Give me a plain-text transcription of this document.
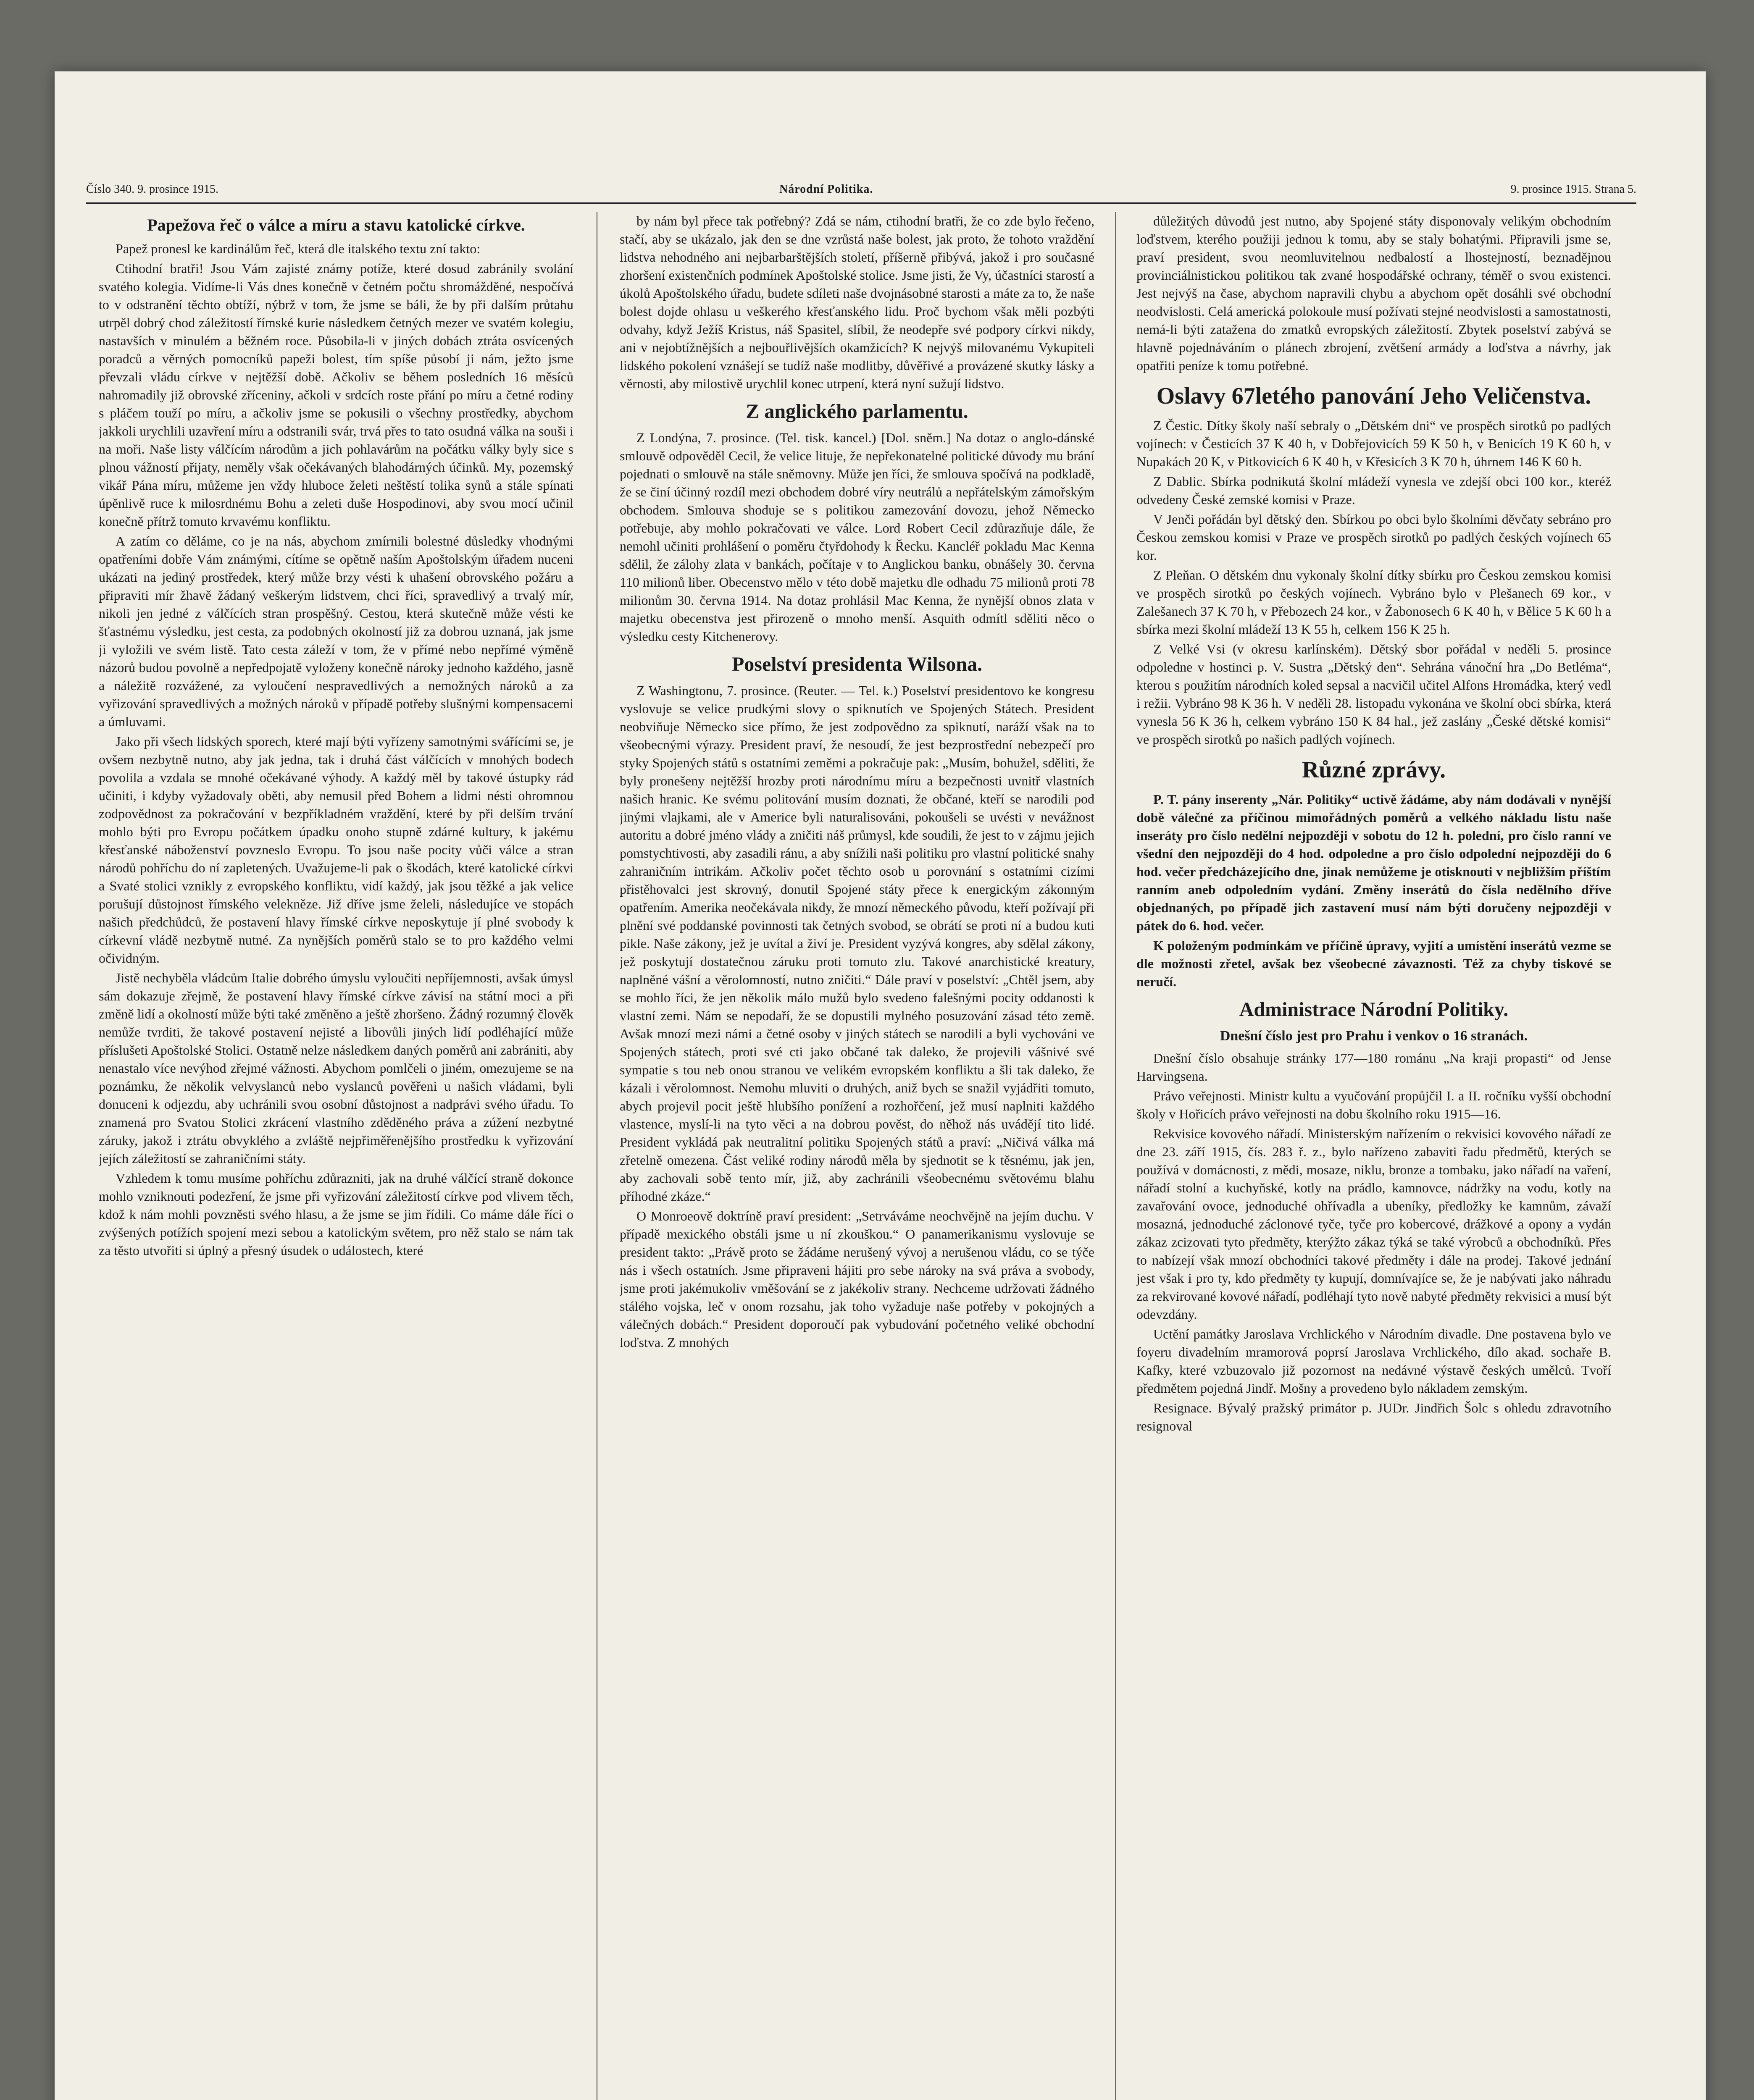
Číslo 340. 9. prosince 1915.	Národní Politika.	9. prosince 1915. Strana 5.
Papežova řeč o válce a míru a stavu katolické církve.

Papež pronesl ke kardinálům řeč, která dle italského textu zní takto:

Ctihodní bratři! Jsou Vám zajisté známy potíže, které dosud zabránily svolání svatého kolegia. Vidíme-li Vás dnes konečně v četném počtu shromážděné, nespočívá to v odstranění těchto obtíží, nýbrž v tom, že jsme se báli, že by při dalším průtahu utrpěl dobrý chod záležitostí římské kurie následkem četných mezer ve svatém kolegiu, nastavších v minulém a běžném roce. Působila-li v jiných dobách ztráta osvícených poradců a věrných pomocníků papeži bolest, tím spíše působí ji nám, ježto jsme převzali vládu církve v nejtěžší době. Ačkoliv se během posledních 16 měsíců nahromadily již obrovské zříceniny, ačkoli v srdcích roste přání po míru a četné rodiny s pláčem touží po míru, a ačkoliv jsme se pokusili o všechny prostředky, abychom jakkoli urychlili uzavření míru a odstranili svár, trvá přes to tato osudná válka na souši i na moři. Naše listy válčícím národům a jich pohlavárům na počátku války byly sice s plnou vážností přijaty, neměly však očekávaných blahodárných účinků. My, pozemský vikář Pána míru, můžeme jen vždy hluboce želeti neštěstí tolika synů a stále spínati úpěnlivě ruce k milosrdnému Bohu a zeleti duše Hospodinovi, aby svou mocí učinil konečně přítrž tomuto krvavému konfliktu.

A zatím co děláme, co je na nás, abychom zmírnili bolestné důsledky vhodnými opatřeními dobře Vám známými, cítíme se opětně naším Apoštolským úřadem nuceni ukázati na jediný prostředek, který může brzy vésti k uhašení obrovského požáru a připraviti mír žhavě žádaný veškerým lidstvem, chci říci, spravedlivý a trvalý mír, nikoli jen jedné z válčících stran prospěšný. Cestou, která skutečně může vésti ke šťastnému výsledku, jest cesta, za podobných okolností již za dobrou uznaná, jak jsme ji vyložili ve svém listě. Tato cesta záleží v tom, že v přímé nebo nepřímé výměně názorů budou povolně a nepředpojatě vyloženy konečně nároky jednoho každého, jasně a náležitě rozvážené, za vyloučení nespravedlivých a nemožných nároků a za vyřizování spravedlivých a možných nároků v případě potřeby slušnými kompensacemi a úmluvami.

Jako při všech lidských sporech, které mají býti vyřízeny samotnými svářícími se, je ovšem nezbytně nutno, aby jak jedna, tak i druhá část válčících v mnohých bodech povolila a vzdala se mnohé očekávané výhody. A každý měl by takové ústupky rád učiniti, i kdyby vyžadovaly oběti, aby nemusil před Bohem a lidmi nésti ohromnou zodpovědnost za pokračování v bezpříkladném vraždění, které by při delším trvání mohlo býti pro Evropu počátkem úpadku onoho stupně zdárné kultury, k jakému křesťanské náboženství povzneslo Evropu. To jsou naše pocity vůči válce a stran národů pohříchu do ní zapletených. Uvažujeme-li pak o škodách, které katolické církvi a Svaté stolici vznikly z evropského konfliktu, vidí každý, jak jsou těžké a jak velice porušují důstojnost římského velekněze. Již dříve jsme želeli, následujíce ve stopách našich předchůdců, že postavení hlavy římské církve neposkytuje jí plné svobody k církevní vládě nezbytně nutné. Za nynějších poměrů stalo se to pro každého velmi očividným.

Jistě nechyběla vládcům Italie dobrého úmyslu vyloučiti nepříjemnosti, avšak úmysl sám dokazuje zřejmě, že postavení hlavy římské církve závisí na státní moci a při změně lidí a okolností může býti také změněno a ještě zhoršeno. Žádný rozumný člověk nemůže tvrditi, že takové postavení nejisté a libovůli jiných lidí podléhající může příslušeti Apoštolské Stolici. Ostatně nelze následkem daných poměrů ani zabrániti, aby nenastalo více nevýhod zřejmé vážnosti. Abychom pomlčeli o jiném, omezujeme se na poznámku, že několik velvyslanců nebo vyslanců pověřeni u našich vládami, byli donuceni k odjezdu, aby uchránili svou osobní důstojnost a nadprávi svého úřadu. To znamená pro Svatou Stolici zkrácení vlastního zděděného práva a zúžení nezbytné záruky, jakož i ztrátu obvyklého a zvláště nejpřiměřenějšího prostředku k vyřizování jejích záležitostí se zahraničními státy.

Vzhledem k tomu musíme pohříchu zdůrazniti, jak na druhé válčící straně dokonce mohlo vzniknouti podezření, že jsme při vyřizování záležitostí církve pod vlivem těch, kdož k nám mohli povzněsti svého hlasu, a že jsme se jim řídili. Co máme dále říci o zvýšených potížích spojení mezi sebou a katolickým světem, pro něž stalo se nám tak za těsto utvořiti si úplný a přesný úsudek o událostech, které

by nám byl přece tak potřebný? Zdá se nám, ctihodní bratři, že co zde bylo řečeno, stačí, aby se ukázalo, jak den se dne vzrůstá naše bolest, jak proto, že tohoto vraždění lidstva nehodného ani nejbarbarštějších století, příšerně přibývá, jakož i pro současné zhoršení existenčních podmínek Apoštolské stolice. Jsme jisti, že Vy, účastníci starostí a úkolů Apoštolského úřadu, budete sdíleti naše dvojnásobné starosti a máte za to, že naše bolest dojde ohlasu u veškerého křesťanského lidu. Proč bychom však měli pozbýti odvahy, když Ježíš Kristus, náš Spasitel, slíbil, že neodepře své podpory církvi nikdy, ani v nejobtížnějších a nejbouřlivějších okamžicích? K nejvýš milovanému Vykupiteli lidského pokolení vznášejí se tudíž naše modlitby, důvěřivé a provázené skutky lásky a věrnosti, aby milostivě urychlil konec utrpení, která nyní sužují lidstvo.

Z anglického parlamentu.

Z Londýna, 7. prosince. (Tel. tisk. kancel.) [Dol. sněm.] Na dotaz o anglo-dánské smlouvě odpověděl Cecil, že velice lituje, že nepřekonatelné politické důvody mu brání pojednati o smlouvě na stále sněmovny. Může jen říci, že smlouva spočívá na podkladě, že se činí účinný rozdíl mezi obchodem dobré víry neutrálů a nepřátelským zámořským obchodem. Smlouva shoduje se s politikou zamezování dovozu, jehož Německo potřebuje, aby mohlo pokračovati ve válce. Lord Robert Cecil zdůrazňuje dále, že nemohl učiniti prohlášení o poměru čtyřdohody k Řecku. Kancléř pokladu Mac Kenna sdělil, že zálohy zlata v bankách, počítaje v to Anglickou banku, obnášely 30. června 110 milionů liber. Obecenstvo mělo v této době majetku dle odhadu 75 milionů proti 78 milionům 30. června 1914. Na dotaz prohlásil Mac Kenna, že nynější obnos zlata v majetku obecenstva jest přirozeně o mnoho menší. Asquith odmítl sděliti něco o výsledku cesty Kitchenerovy.

Poselství presidenta Wilsona.

Z Washingtonu, 7. prosince. (Reuter. — Tel. k.) Poselství presidentovo ke kongresu vyslovuje se velice prudkými slovy o spiknutích ve Spojených Státech. President neobviňuje Německo sice přímo, že jest zodpovědno za spiknutí, naráží však na to všeobecnými výrazy. President praví, že nesoudí, že jest bezprostřední nebezpečí pro styky Spojených států s ostatními zeměmi a pokračuje pak: „Musím, bohužel, sděliti, že byly pronešeny nejtěžší hrozby proti národnímu míru a bezpečnosti uvnitř vlastních našich hranic. Ke svému politování musím doznati, že občané, kteří se narodili pod jinými vlajkami, ale v Americe byli naturalisováni, pokoušeli se uvésti v nevážnost autoritu a dobré jméno vlády a zničiti náš průmysl, kde soudili, že jest to v zájmu jejich pomstychtivosti, aby zasadili ránu, a aby snížili naši politiku pro vlastní politické snahy zahraničním intrikám. Ačkoliv počet těchto osob u porovnání s ostatními cizími přistěhovalci jest skrovný, donutil Spojené státy přece k energickým zákonným opatřením. Amerika neočekávala nikdy, že mnozí německého původu, kteří požívají při plnění své poddanské povinnosti tak četných svobod, se obrátí se proti ní a budou kuti pikle. Naše zákony, jež je uvítal a živí je. President vyzývá kongres, aby sdělal zákony, jež poskytují dostatečnou záruku proti tomuto zlu. Takové anarchistické kreatury, naplněné vášní a věrolomností, nutno zničiti.“ Dále praví v poselství: „Chtěl jsem, aby se mohlo říci, že jen několik málo mužů bylo svedeno falešnými pocity oddanosti k vlastní zemi. Nám se nepodaří, že se dopustili mylného posuzování zásad této země. Avšak mnozí mezi námi a četné osoby v jiných státech se narodili a byli vychováni ve Spojených státech, proti své cti jako občané tak daleko, že projevili vášnivé své sympatie s tou neb onou stranou ve velikém evropském konfliktu a šli tak daleko, že kázali i věrolomnost. Nemohu mluviti o druhých, aniž bych se snažil vyjádřiti tomuto, abych projevil pocit ještě hlubšího ponížení a rozhořčení, jež musí naplniti každého vlastence, myslí-li na tyto věci a na dobrou pověst, do něhož nás uvádějí tito lidé. President vykládá pak neutralitní politiku Spojených států a praví: „Ničivá válka má zřetelně omezena. Část veliké rodiny národů měla by sjednotit se k těsnému, jak jen, aby zachovali sobě tento mír, již, aby zachránili všeobecnému světovému blahu příhodné zkáze.“

O Monroeově doktríně praví president: „Setrváváme neochvějně na jejím duchu. V případě mexického obstáli jsme u ní zkouškou.“ O panamerikanismu vyslovuje se president takto: „Právě proto se žádáme nerušený vývoj a nerušenou vládu, co se týče nás i všech ostatních. Jsme připraveni hájiti pro sebe nároky na svá práva a svobody, jsme proti jakémukoliv vměšování se z jakékoliv strany. Nechceme udržovati žádného stálého vojska, leč v onom rozsahu, jak toho vyžaduje naše potřeby v pokojných a válečných dobách.“ President doporoučí pak vybudování početného veliké obchodní loďstva. Z mnohých

důležitých důvodů jest nutno, aby Spojené státy disponovaly velikým obchodním loďstvem, kterého použiji jednou k tomu, aby se staly bohatými. Připravili jsme se, praví president, svou neomluvitelnou nedbalostí a lhostejností, beznadějnou provinciálnistickou politikou tak zvané hospodářské ochrany, téměř o svou existenci. Jest nejvýš na čase, abychom napravili chybu a abychom opět dosáhli své obchodní neodvislosti. Celá americká polokoule musí požívati stejné neodvislosti a samostatnosti, nemá-li býti zatažena do zmatků evropských záležitostí. Zbytek poselství zabývá se hlavně pojednáváním o plánech zbrojení, zvětšení armády a loďstva a návrhy, jak opatřiti peníze k tomu potřebné.

Oslavy 67letého panování Jeho Veličenstva.

Z Čestic. Dítky školy naší sebraly o „Dětském dni“ ve prospěch sirotků po padlých vojínech: v Česticích 37 K 40 h, v Dobřejovicích 59 K 50 h, v Benicích 19 K 60 h, v Nupakách 20 K, v Pitkovicích 6 K 40 h, v Křesicích 3 K 70 h, úhrnem 146 K 60 h.

Z Dablic. Sbírka podnikutá školní mládeží vynesla ve zdejší obci 100 kor., kteréž odvedeny České zemské komisi v Praze.

V Jenči pořádán byl dětský den. Sbírkou po obci bylo školními děvčaty sebráno pro Českou zemskou komisi v Praze ve prospěch sirotků po padlých českých vojínech 65 kor.

Z Pleňan. O dětském dnu vykonaly školní dítky sbírku pro Českou zemskou komisi ve prospěch sirotků po českých vojínech. Vybráno bylo v Plešanech 69 kor., v Zalešanech 37 K 70 h, v Přebozech 24 kor., v Žabonosech 6 K 40 h, v Bělice 5 K 60 h a sbírka mezi školní mládeží 13 K 55 h, celkem 156 K 25 h.

Z Velké Vsi (v okresu karlínském). Dětský sbor pořádal v neděli 5. prosince odpoledne v hostinci p. V. Sustra „Dětský den“. Sehrána vánoční hra „Do Betléma“, kterou s použitím národních koled sepsal a nacvičil učitel Alfons Hromádka, který vedl i režii. Vybráno 98 K 36 h. V neděli 28. listopadu vykonána ve školní obci sbírka, která vynesla 56 K 36 h, celkem vybráno 150 K 84 hal., jež zaslány „České dětské komisi“ ve prospěch sirotků po našich padlých vojínech.

Různé zprávy.

P. T. pány inserenty „Nár. Politiky“ uctivě žádáme, aby nám dodávali v nynější době válečné za příčinou mimořádných poměrů a velkého nákladu listu naše inseráty pro číslo nedělní nejpozději v sobotu do 12 h. polední, pro číslo ranní ve všední den nejpozději do 4 hod. odpoledne a pro číslo odpolední nejpozději do 6 hod. večer předcházejícího dne, jinak nemůžeme je otisknouti v nejbližším příštím ranním aneb odpoledním vydání. Změny inserátů do čísla nedělního dříve objednaných, po případě jich zastavení musí nám býti doručeny nejpozději v pátek do 6. hod. večer.

K položeným podmínkám ve příčině úpravy, vyjití a umístění inserátů vezme se dle možnosti zřetel, avšak bez všeobecné závaznosti. Též za chyby tiskové se neručí.

Administrace Národní Politiky.
Dnešní číslo jest pro Prahu i venkov o 16 stranách.

Dnešní číslo obsahuje stránky 177—180 románu „Na kraji propasti“ od Jense Harvingsena.

Právo veřejnosti. Ministr kultu a vyučování propůjčil I. a II. ročníku vyšší obchodní školy v Hořicích právo veřejnosti na dobu školního roku 1915—16.

Rekvisice kovového nářadí. Ministerským nařízením o rekvisici kovového nářadí ze dne 23. září 1915, čís. 283 ř. z., bylo nařízeno zabaviti řadu předmětů, kterých se používá v domácnosti, z mědi, mosaze, niklu, bronze a tombaku, jako nářadí na vaření, nářadí stolní a kuchyňské, kotly na prádlo, kamnovce, nádržky na vodu, kotly na zavařování ovoce, jednoduché ohřívadla a ubeníky, předložky ke kamnům, závaží mosazná, jednoduché záclonové tyče, tyče pro kobercové, drážkové a opony a vydán zákaz zcizovati tyto předměty, kterýžto zákaz týká se také výrobců a obchodníků. Přes to nabízejí však mnozí obchodníci takové předměty i dále na prodej. Takové jednání jest však i pro ty, kdo předměty ty kupují, domnívajíce se, že je nabývati jako náhradu za rekvirované kovové nářadí, podléhají tyto nově nabyté předměty rekvisici a musí být odevzdány.

Uctění památky Jaroslava Vrchlického v Národním divadle. Dne postavena bylo ve foyeru divadelním mramorová poprsí Jaroslava Vrchlického, dílo akad. sochaře B. Kafky, které vzbuzovalo již pozornost na nedávné výstavě českých umělců. Tvoří předmětem pojedná Jindř. Mošny a provedeno bylo nákladem zemským.

Resignace. Bývalý pražský primátor p. JUDr. Jindřich Šolc s ohledu zdravotního resignoval
